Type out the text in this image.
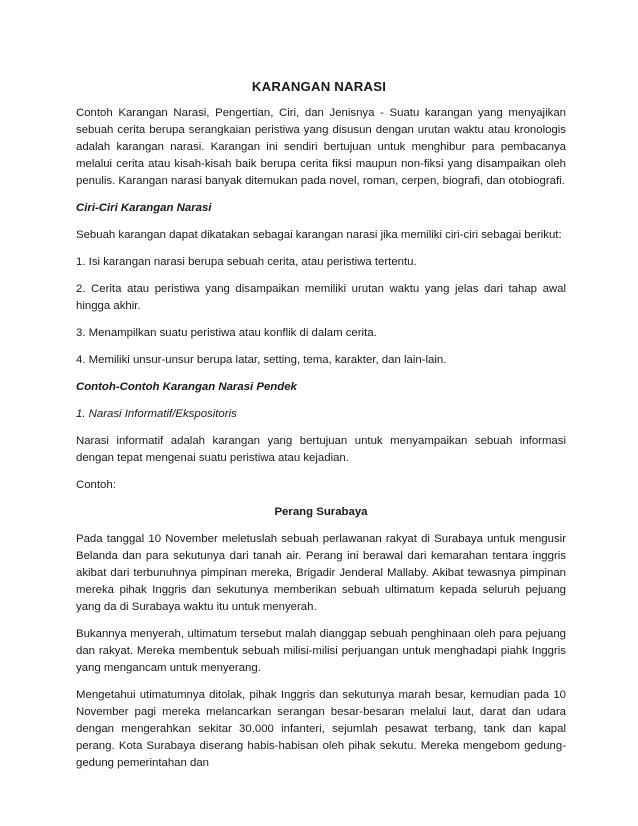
KARANGAN NARASI

Contoh Karangan Narasi, Pengertian, Ciri, dan Jenisnya - Suatu karangan yang menyajikan sebuah cerita berupa serangkaian peristiwa yang disusun dengan urutan waktu atau kronologis adalah karangan narasi. Karangan ini sendiri bertujuan untuk menghibur para pembacanya melalui cerita atau kisah-kisah baik berupa cerita fiksi maupun non-fiksi yang disampaikan oleh penulis. Karangan narasi banyak ditemukan pada novel, roman, cerpen, biografi, dan otobiografi.

Ciri-Ciri Karangan Narasi

Sebuah karangan dapat dikatakan sebagai karangan narasi jika memiliki ciri-ciri sebagai berikut:

1. Isi karangan narasi berupa sebuah cerita, atau peristiwa tertentu.

2. Cerita atau peristiwa yang disampaikan memiliki urutan waktu yang jelas dari tahap awal hingga akhir.

3. Menampilkan suatu peristiwa atau konflik di dalam cerita.

4. Memiliki unsur-unsur berupa latar, setting, tema, karakter, dan lain-lain.

Contoh-Contoh Karangan Narasi Pendek

1. Narasi Informatif/Ekspositoris

Narasi informatif adalah karangan yang bertujuan untuk menyampaikan sebuah informasi dengan tepat mengenai suatu peristiwa atau kejadian.

Contoh:

Perang Surabaya

Pada tanggal 10 November meletuslah sebuah perlawanan rakyat di Surabaya untuk mengusir Belanda dan para sekutunya dari tanah air. Perang ini berawal dari kemarahan tentara inggris akibat dari terbunuhnya pimpinan mereka, Brigadir Jenderal Mallaby. Akibat tewasnya pimpinan mereka pihak Inggris dan sekutunya memberikan sebuah ultimatum kepada seluruh pejuang yang da di Surabaya waktu itu untuk menyerah.

Bukannya menyerah, ultimatum tersebut malah dianggap sebuah penghinaan oleh para pejuang dan rakyat. Mereka membentuk sebuah milisi-milisi perjuangan untuk menghadapi piahk Inggris yang mengancam untuk menyerang.

Mengetahui utimatumnya ditolak, pihak Inggris dan sekutunya marah besar, kemudian pada 10 November pagi mereka melancarkan serangan besar-besaran melalui laut, darat dan udara dengan mengerahkan sekitar 30.000 infanteri, sejumlah pesawat terbang, tank dan kapal perang. Kota Surabaya diserang habis-habisan oleh pihak sekutu. Mereka mengebom gedung-gedung pemerintahan dan
